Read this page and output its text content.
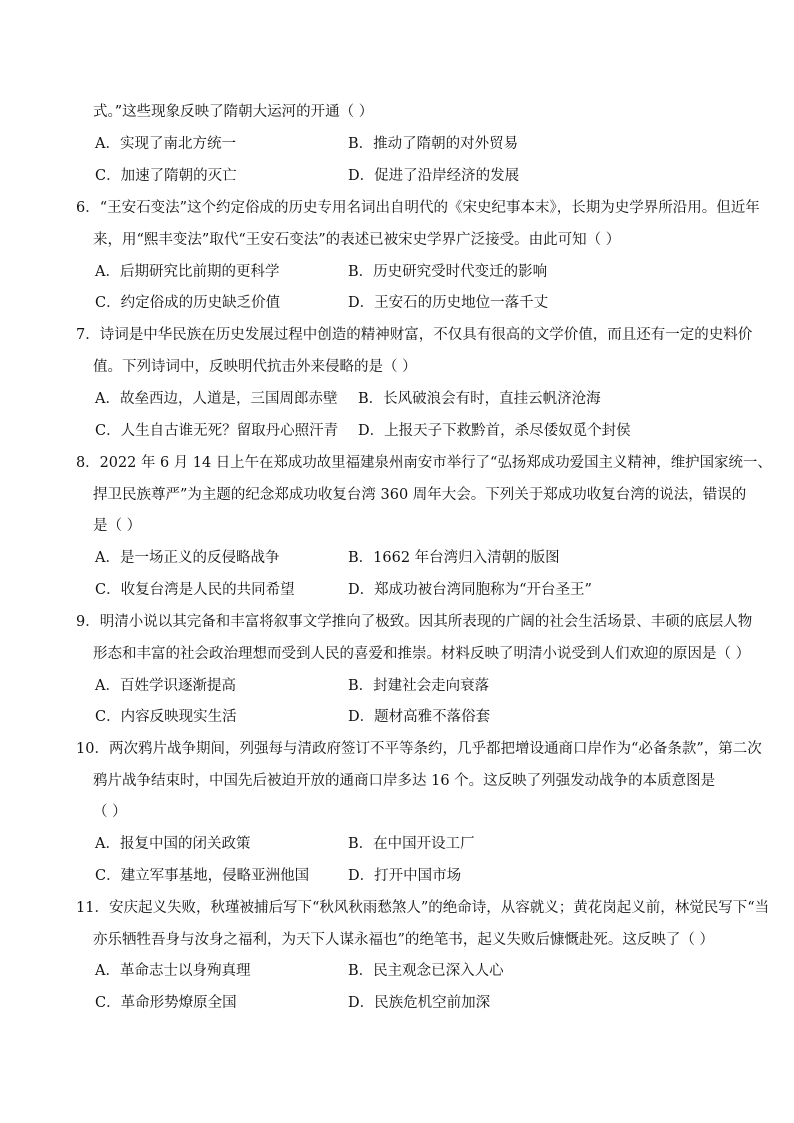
式。”这些现象反映了隋朝大运河的开通（ ）
A．实现了南北方统一	B．推动了隋朝的对外贸易
C．加速了隋朝的灭亡	D．促进了沿岸经济的发展
6．“王安石变法”这个约定俗成的历史专用名词出自明代的《宋史纪事本末》，长期为史学界所沿用。但近年
来，用“熙丰变法”取代“王安石变法”的表述已被宋史学界广泛接受。由此可知（ ）
A．后期研究比前期的更科学	B．历史研究受时代变迁的影响
C．约定俗成的历史缺乏价值	D．王安石的历史地位一落千丈
7．诗词是中华民族在历史发展过程中创造的精神财富，不仅具有很高的文学价值，而且还有一定的史料价
值。下列诗词中，反映明代抗击外来侵略的是（ ）
A．故垒西边，人道是，三国周郎赤壁 B．长风破浪会有时，直挂云帆济沧海
C．人生自古谁无死？留取丹心照汗青 D．上报天子下救黔首，杀尽倭奴觅个封侯
8．2022 年 6 月 14 日上午在郑成功故里福建泉州南安市举行了“弘扬郑成功爱国主义精神，维护国家统一、
捍卫民族尊严”为主题的纪念郑成功收复台湾 360 周年大会。下列关于郑成功收复台湾的说法，错误的
是（ ）
A．是一场正义的反侵略战争	B．1662 年台湾归入清朝的版图
C．收复台湾是人民的共同希望	D．郑成功被台湾同胞称为“开台圣王”
9．明清小说以其完备和丰富将叙事文学推向了极致。因其所表现的广阔的社会生活场景、丰硕的底层人物
形态和丰富的社会政治理想而受到人民的喜爱和推崇。材料反映了明清小说受到人们欢迎的原因是（ ）
A．百姓学识逐渐提高	B．封建社会走向衰落
C．内容反映现实生活	D．题材高雅不落俗套
10．两次鸦片战争期间，列强每与清政府签订不平等条约，几乎都把增设通商口岸作为“必备条款”，第二次
鸦片战争结束时，中国先后被迫开放的通商口岸多达 16 个。这反映了列强发动战争的本质意图是
（ ）
A．报复中国的闭关政策	B．在中国开设工厂
C．建立军事基地，侵略亚洲他国	D．打开中国市场
11．安庆起义失败，秋瑾被捕后写下“秋风秋雨愁煞人”的绝命诗，从容就义；黄花岗起义前，林觉民写下“当
亦乐牺牲吾身与汝身之福利，为天下人谋永福也”的绝笔书，起义失败后慷慨赴死。这反映了（ ）
A．革命志士以身殉真理	B．民主观念已深入人心
C．革命形势燎原全国	D．民族危机空前加深
